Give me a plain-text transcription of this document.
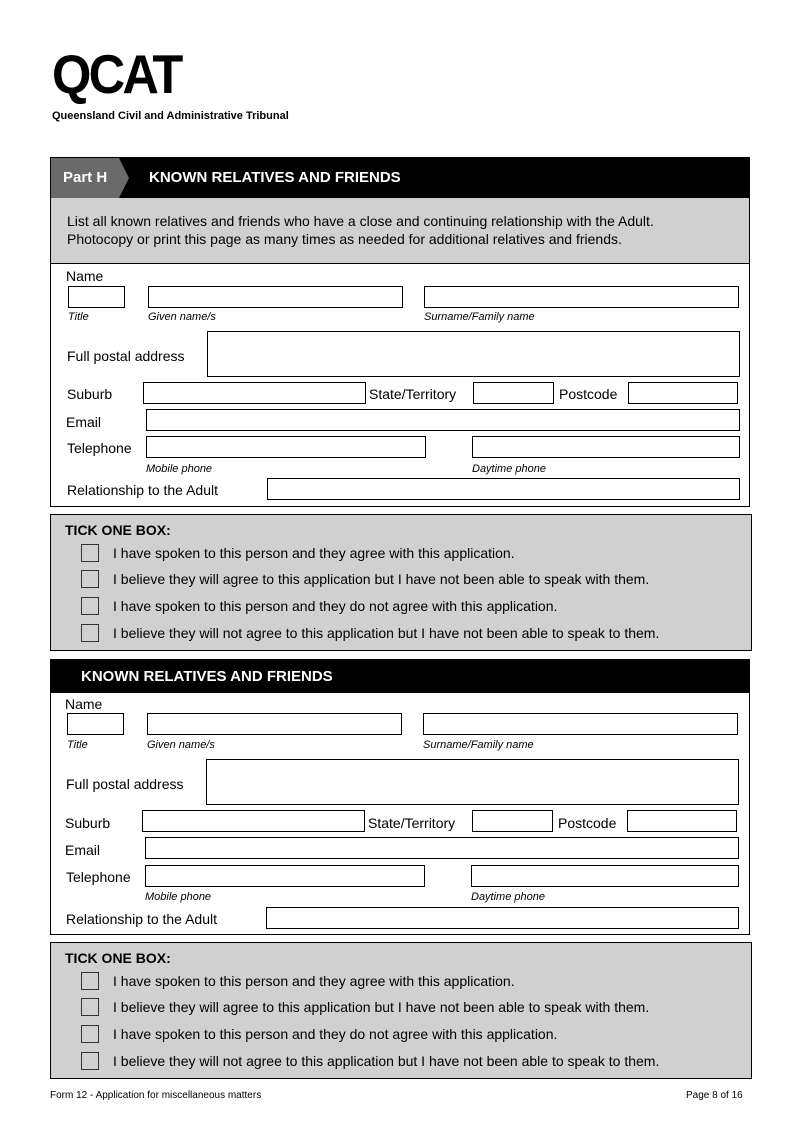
QCAT
Queensland Civil and Administrative Tribunal
Part H	KNOWN RELATIVES AND FRIENDS
List all known relatives and friends who have a close and continuing relationship with the Adult.
Photocopy or print this page as many times as needed for additional relatives and friends.
Name
Title	Given name/s	Surname/Family name
Full postal address
Suburb	State/Territory	Postcode
Email
Telephone
Mobile phone	Daytime phone
Relationship to the Adult
TICK ONE BOX:
I have spoken to this person and they agree with this application.
I believe they will agree to this application but I have not been able to speak with them.
I have spoken to this person and they do not agree with this application.
I believe they will not agree to this application but I have not been able to speak to them.
KNOWN RELATIVES AND FRIENDS
Name
Title	Given name/s	Surname/Family name
Full postal address
Suburb	State/Territory	Postcode
Email
Telephone
Mobile phone	Daytime phone
Relationship to the Adult
TICK ONE BOX:
I have spoken to this person and they agree with this application.
I believe they will agree to this application but I have not been able to speak with them.
I have spoken to this person and they do not agree with this application.
I believe they will not agree to this application but I have not been able to speak to them.
Form 12 - Application for miscellaneous matters	Page 8 of 16
